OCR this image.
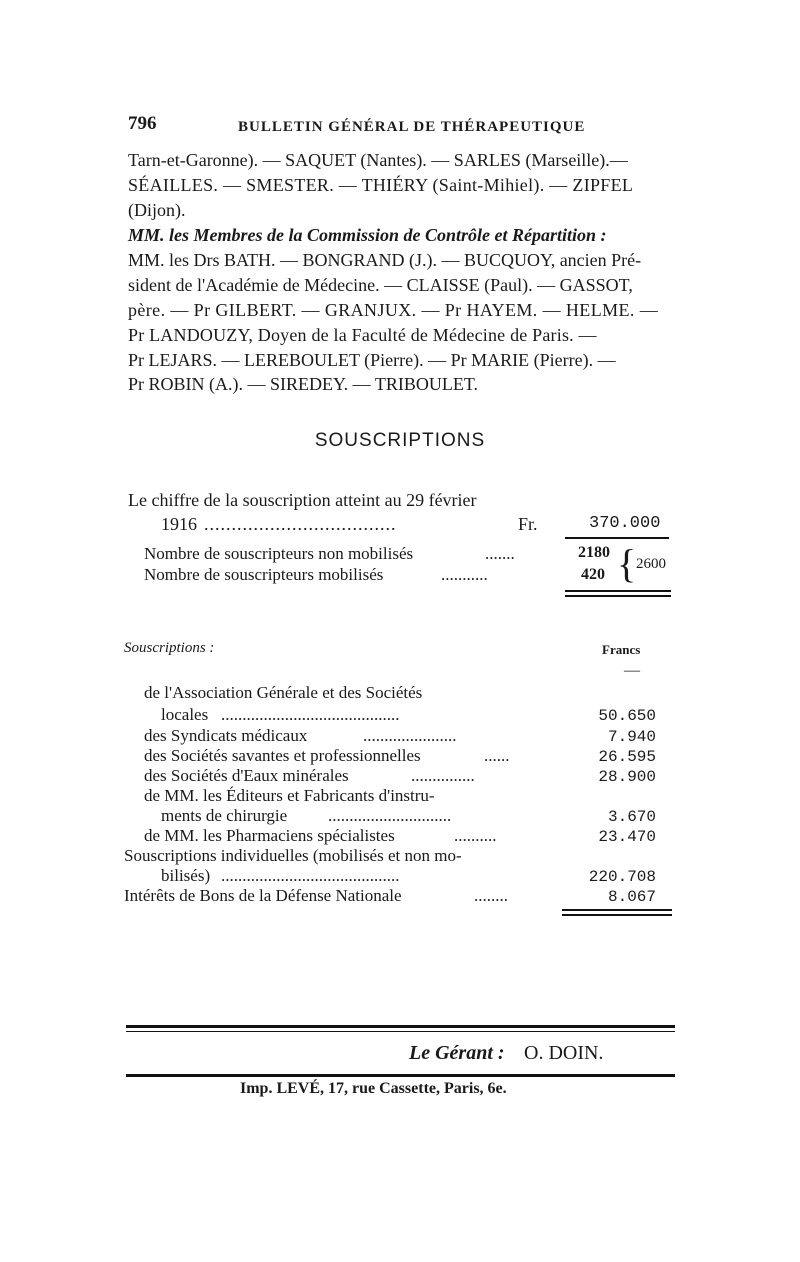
796	BULLETIN GÉNÉRAL DE THÉRAPEUTIQUE
Tarn-et-Garonne). — SAQUET (Nantes). — SARLES (Marseille).—
SÉAILLES. — SMESTER. — THIÉRY (Saint-Mihiel). — ZIPFEL
(Dijon).
MM. les Membres de la Commission de Contrôle et Répartition :
MM. les Drs BATH. — BONGRAND (J.). — BUCQUOY, ancien Pré-
sident de l'Académie de Médecine. — CLAISSE (Paul). — GASSOT,
père. — Pr GILBERT. — GRANJUX. — Pr HAYEM. — HELME. —
Pr LANDOUZY, Doyen de la Faculté de Médecine de Paris. —
Pr LEJARS. — LEREBOULET (Pierre). — Pr MARIE (Pierre). —
Pr ROBIN (A.). — SIREDEY. — TRIBOULET.
SOUSCRIPTIONS
Le chiffre de la souscription atteint au 29 février
1916 ...................................	Fr.	370.000
Nombre de souscripteurs non mobilisés	.......	2180
Nombre de souscripteurs mobilisés	...........	420 { 2600
Souscriptions :	Francs
—
de l'Association Générale et des Sociétés
locales ..........................................	50.650
des Syndicats médicaux	......................	7.940
des Sociétés savantes et professionnelles	......	26.595
des Sociétés d'Eaux minérales	...............	28.900
de MM. les Éditeurs et Fabricants d'instru-
ments de chirurgie .............................	3.670
de MM. les Pharmaciens spécialistes	..........	23.470
Souscriptions individuelles (mobilisés et non mo-
bilisés) ..........................................	220.708
Intérêts de Bons de la Défense Nationale	........	8.067
Le Gérant : O. DOIN.
Imp. LEVÉ, 17, rue Cassette, Paris, 6e.
